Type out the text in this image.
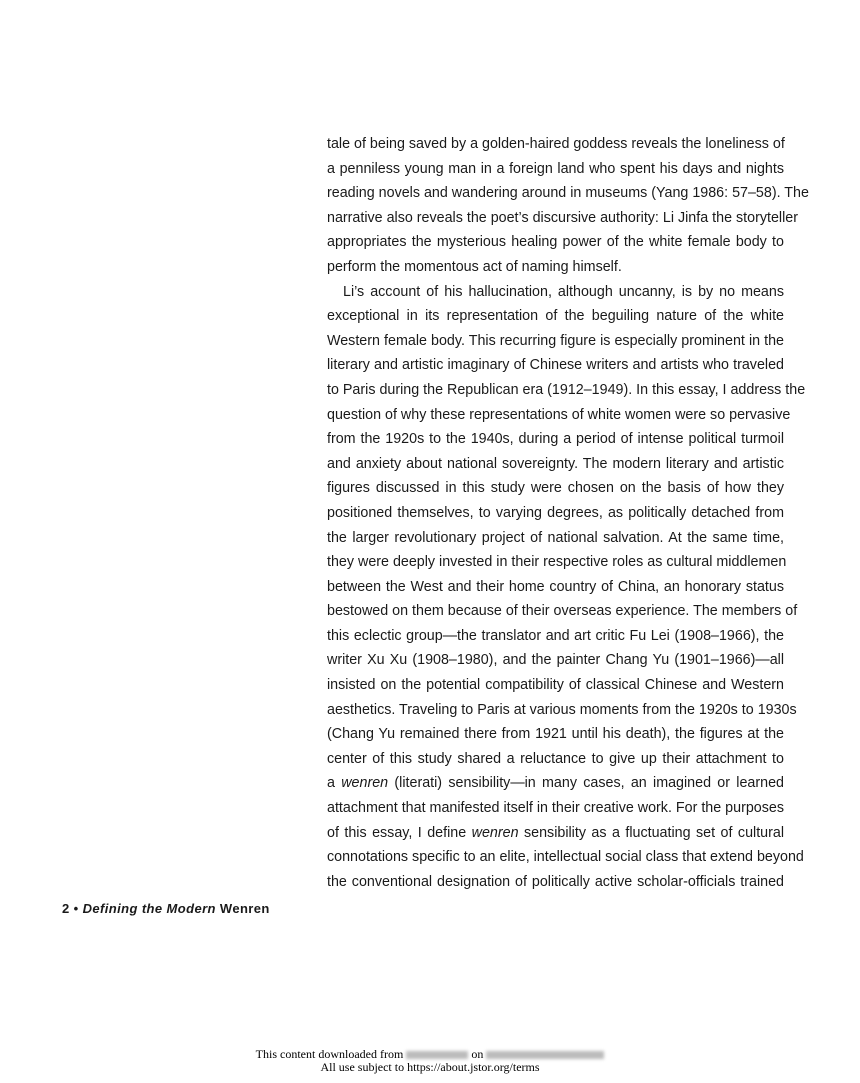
tale of being saved by a golden-haired goddess reveals the loneliness of
a penniless young man in a foreign land who spent his days and nights
reading novels and wandering around in museums (Yang 1986: 57–58). The
narrative also reveals the poet’s discursive authority: Li Jinfa the storyteller
appropriates the mysterious healing power of the white female body to
perform the momentous act of naming himself.
Li’s account of his hallucination, although uncanny, is by no means
exceptional in its representation of the beguiling nature of the white
Western female body. This recurring figure is especially prominent in the
literary and artistic imaginary of Chinese writers and artists who traveled
to Paris during the Republican era (1912–1949). In this essay, I address the
question of why these representations of white women were so pervasive
from the 1920s to the 1940s, during a period of intense political turmoil
and anxiety about national sovereignty. The modern literary and artistic
figures discussed in this study were chosen on the basis of how they
positioned themselves, to varying degrees, as politically detached from
the larger revolutionary project of national salvation. At the same time,
they were deeply invested in their respective roles as cultural middlemen
between the West and their home country of China, an honorary status
bestowed on them because of their overseas experience. The members of
this eclectic group—the translator and art critic Fu Lei (1908–1966), the
writer Xu Xu (1908–1980), and the painter Chang Yu (1901–1966)—all
insisted on the potential compatibility of classical Chinese and Western
aesthetics. Traveling to Paris at various moments from the 1920s to 1930s
(Chang Yu remained there from 1921 until his death), the figures at the
center of this study shared a reluctance to give up their attachment to
a wenren (literati) sensibility—in many cases, an imagined or learned
attachment that manifested itself in their creative work. For the purposes
of this essay, I define wenren sensibility as a fluctuating set of cultural
connotations specific to an elite, intellectual social class that extend beyond
the conventional designation of politically active scholar-officials trained
2 • Defining the Modern Wenren
This content downloaded from	on
All use subject to https://about.jstor.org/terms
